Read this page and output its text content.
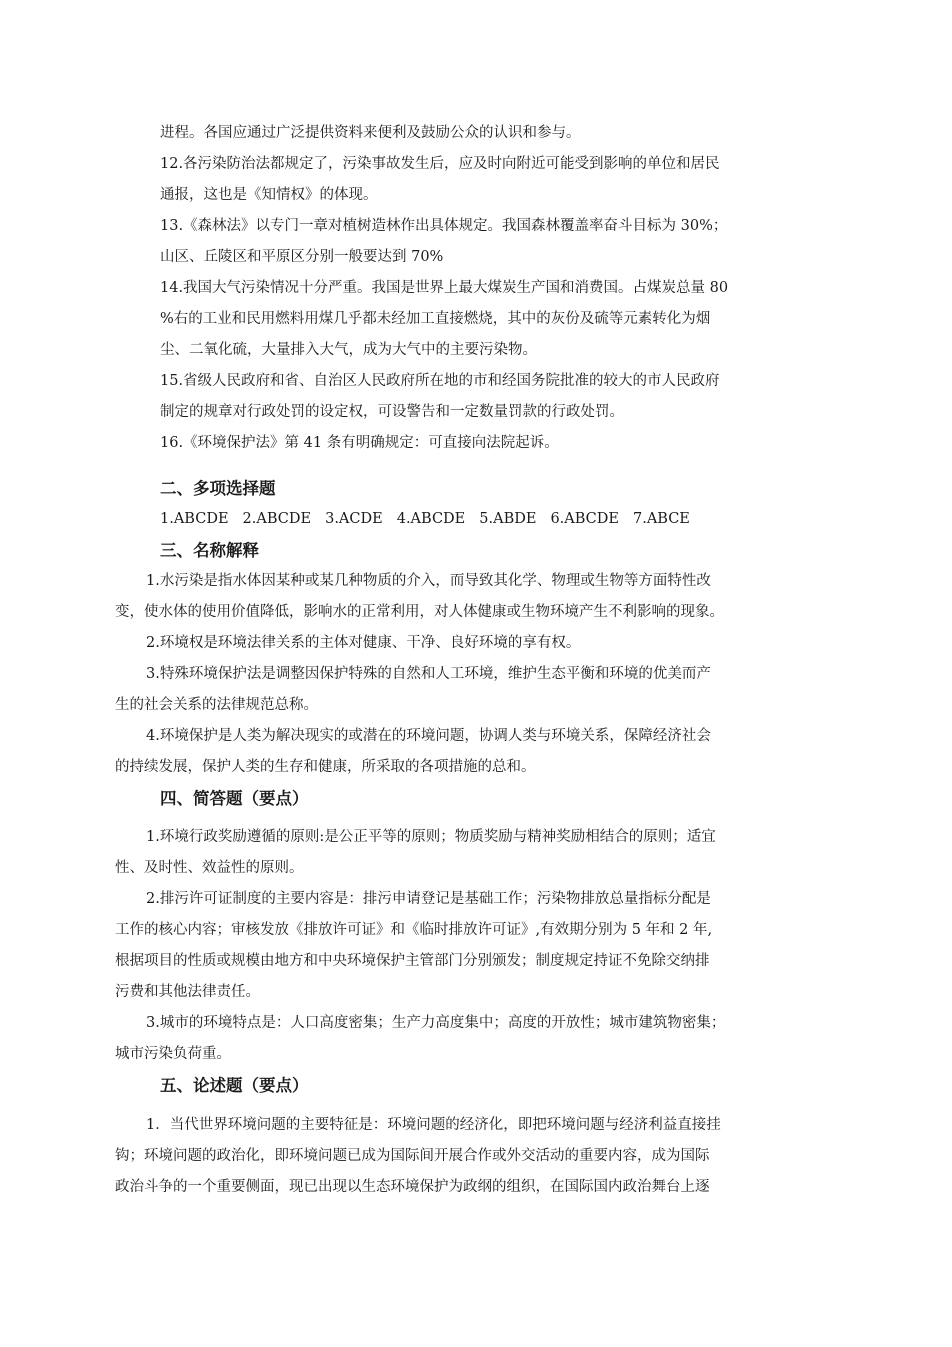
进程。各国应通过广泛提供资料来便利及鼓励公众的认识和参与。
12.各污染防治法都规定了，污染事故发生后，应及时向附近可能受到影响的单位和居民
通报，这也是《知情权》的体现。
13.《森林法》以专门一章对植树造林作出具体规定。我国森林覆盖率奋斗目标为 30%；
山区、丘陵区和平原区分别一般要达到 70%
14.我国大气污染情况十分严重。我国是世界上最大煤炭生产国和消费国。占煤炭总量 80
%右的工业和民用燃料用煤几乎都未经加工直接燃烧，其中的灰份及硫等元素转化为烟
尘、二氧化硫，大量排入大气，成为大气中的主要污染物。
15.省级人民政府和省、自治区人民政府所在地的市和经国务院批准的较大的市人民政府
制定的规章对行政处罚的设定权，可设警告和一定数量罚款的行政处罚。
16.《环境保护法》第 41 条有明确规定：可直接向法院起诉。
二、多项选择题
1.ABCDE 2.ABCDE 3.ACDE 4.ABCDE 5.ABDE 6.ABCDE 7.ABCE
三、名称解释
1.水污染是指水体因某种或某几种物质的介入，而导致其化学、物理或生物等方面特性改
变，使水体的使用价值降低，影响水的正常利用，对人体健康或生物环境产生不利影响的现象。
2.环境权是环境法律关系的主体对健康、干净、良好环境的享有权。
3.特殊环境保护法是调整因保护特殊的自然和人工环境，维护生态平衡和环境的优美而产
生的社会关系的法律规范总称。
4.环境保护是人类为解决现实的或潜在的环境问题，协调人类与环境关系，保障经济社会
的持续发展，保护人类的生存和健康，所采取的各项措施的总和。
四、简答题（要点）
1.环境行政奖励遵循的原则:是公正平等的原则；物质奖励与精神奖励相结合的原则；适宜
性、及时性、效益性的原则。
2.排污许可证制度的主要内容是：排污申请登记是基础工作；污染物排放总量指标分配是
工作的核心内容；审核发放《排放许可证》和《临时排放许可证》,有效期分别为 5 年和 2 年,
根据项目的性质或规模由地方和中央环境保护主管部门分别颁发；制度规定持证不免除交纳排
污费和其他法律责任。
3.城市的环境特点是：人口高度密集；生产力高度集中；高度的开放性；城市建筑物密集；
城市污染负荷重。
五、论述题（要点）
1．当代世界环境问题的主要特征是：环境问题的经济化，即把环境问题与经济利益直接挂
钩；环境问题的政治化，即环境问题已成为国际间开展合作或外交活动的重要内容，成为国际
政治斗争的一个重要侧面，现已出现以生态环境保护为政纲的组织，在国际国内政治舞台上逐
